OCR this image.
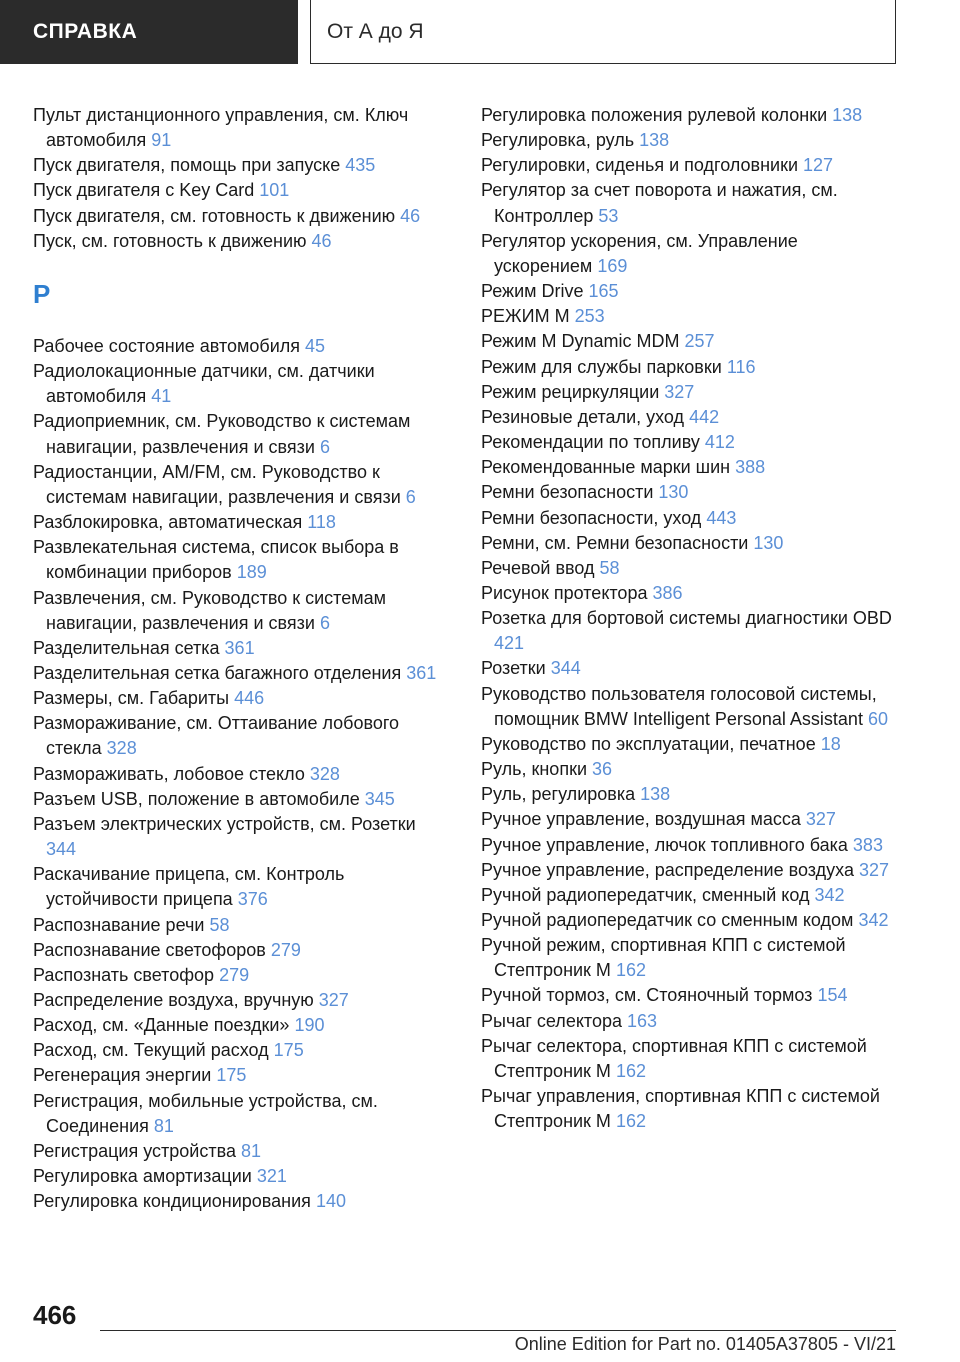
СПРАВКА	От А до Я
Пульт дистанционного управления, см. Ключ автомобиля 91
Пуск двигателя, помощь при запуске 435
Пуск двигателя с Key Card 101
Пуск двигателя, см. готовность к движению 46
Пуск, см. готовность к движению 46
Р
Рабочее состояние автомобиля 45
Радиолокационные датчики, см. датчики автомобиля 41
Радиоприемник, см. Руководство к системам навигации, развлечения и связи 6
Радиостанции, AM/FM, см. Руководство к системам навигации, развлечения и связи 6
Разблокировка, автоматическая 118
Развлекательная система, список выбора в комбинации приборов 189
Развлечения, см. Руководство к системам навигации, развлечения и связи 6
Разделительная сетка 361
Разделительная сетка багажного отделения 361
Размеры, см. Габариты 446
Размораживание, см. Оттаивание лобового стекла 328
Размораживать, лобовое стекло 328
Разъем USB, положение в автомобиле 345
Разъем электрических устройств, см. Розетки 344
Раскачивание прицепа, см. Контроль устойчивости прицепа 376
Распознавание речи 58
Распознавание светофоров 279
Распознать светофор 279
Распределение воздуха, вручную 327
Расход, см. «Данные поездки» 190
Расход, см. Текущий расход 175
Регенерация энергии 175
Регистрация, мобильные устройства, см. Соединения 81
Регистрация устройства 81
Регулировка амортизации 321
Регулировка кондиционирования 140
Регулировка положения рулевой колонки 138
Регулировка, руль 138
Регулировки, сиденья и подголовники 127
Регулятор за счет поворота и нажатия, см. Контроллер 53
Регулятор ускорения, см. Управление ускорением 169
Режим Drive 165
РЕЖИМ M 253
Режим M Dynamic MDM 257
Режим для службы парковки 116
Режим рециркуляции 327
Резиновые детали, уход 442
Рекомендации по топливу 412
Рекомендованные марки шин 388
Ремни безопасности 130
Ремни безопасности, уход 443
Ремни, см. Ремни безопасности 130
Речевой ввод 58
Рисунок протектора 386
Розетка для бортовой системы диагностики OBD 421
Розетки 344
Руководство пользователя голосовой системы, помощник BMW Intelligent Personal Assistant 60
Руководство по эксплуатации, печатное 18
Руль, кнопки 36
Руль, регулировка 138
Ручное управление, воздушная масса 327
Ручное управление, лючок топливного бака 383
Ручное управление, распределение воздуха 327
Ручной радиопередатчик, сменный код 342
Ручной радиопередатчик со сменным кодом 342
Ручной режим, спортивная КПП с системой Стептроник M 162
Ручной тормоз, см. Стояночный тормоз 154
Рычаг селектора 163
Рычаг селектора, спортивная КПП с системой Стептроник M 162
Рычаг управления, спортивная КПП с системой Стептроник M 162
466
Online Edition for Part no. 01405A37805 - VI/21
